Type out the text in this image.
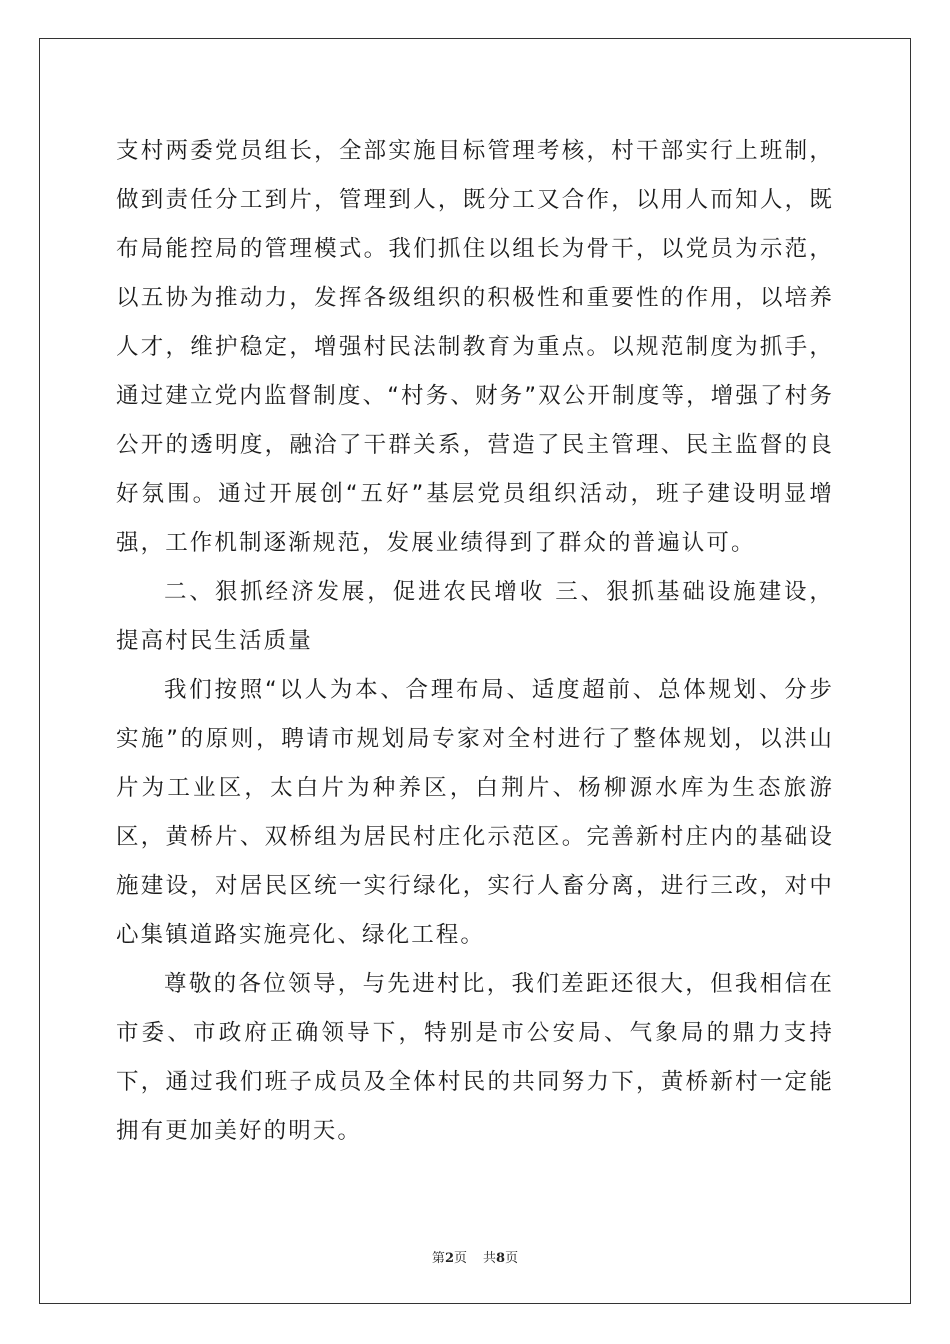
支村两委党员组长，全部实施目标管理考核，村干部实行上班制，做到责任分工到片，管理到人，既分工又合作，以用人而知人，既布局能控局的管理模式。我们抓住以组长为骨干，以党员为示范，以五协为推动力，发挥各级组织的积极性和重要性的作用，以培养人才，维护稳定，增强村民法制教育为重点。以规范制度为抓手，通过建立党内监督制度、“村务、财务”双公开制度等，增强了村务公开的透明度，融洽了干群关系，营造了民主管理、民主监督的良好氛围。通过开展创“五好”基层党员组织活动，班子建设明显增强，工作机制逐渐规范，发展业绩得到了群众的普遍认可。

二、狠抓经济发展，促进农民增收 三、狠抓基础设施建设，提高村民生活质量

我们按照“以人为本、合理布局、适度超前、总体规划、分步实施”的原则，聘请市规划局专家对全村进行了整体规划，以洪山片为工业区，太白片为种养区，白荆片、杨柳源水库为生态旅游区，黄桥片、双桥组为居民村庄化示范区。完善新村庄内的基础设施建设，对居民区统一实行绿化，实行人畜分离，进行三改，对中心集镇道路实施亮化、绿化工程。

尊敬的各位领导，与先进村比，我们差距还很大，但我相信在市委、市政府正确领导下，特别是市公安局、气象局的鼎力支持下，通过我们班子成员及全体村民的共同努力下，黄桥新村一定能拥有更加美好的明天。

第2页 共8页
